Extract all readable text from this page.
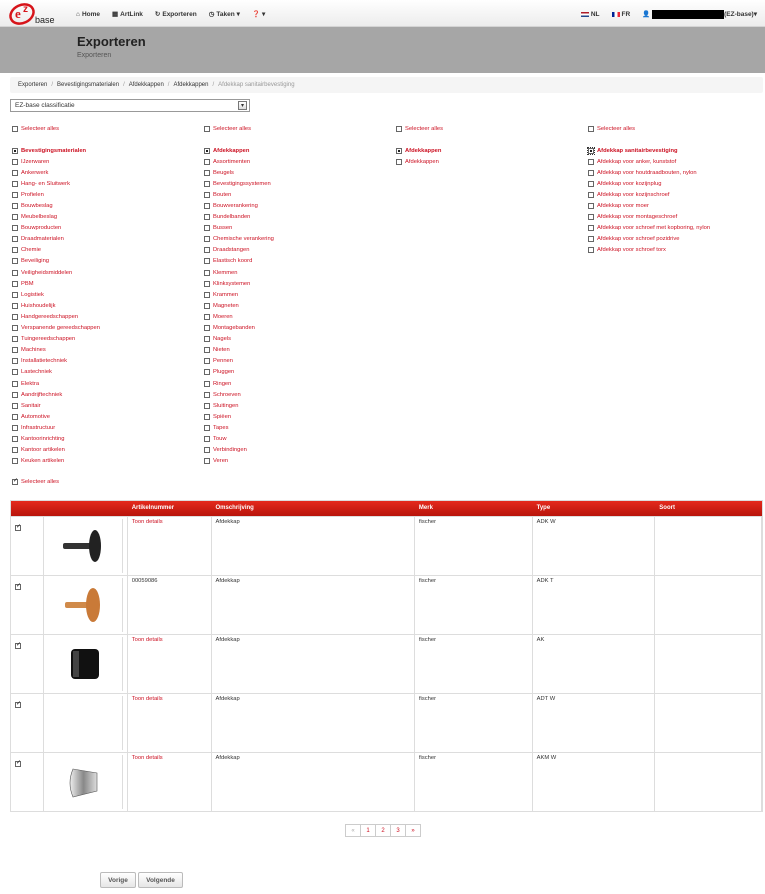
e z
base
⌂ Home ▦ ArtLink ↻ Exporteren ◷ Taken ▾ ❓ ▾	NL	FR 👤	(EZ-base)▾
Exporteren
Exporteren
Exporteren / Bevestigingsmaterialen / Afdekkappen / Afdekkappen / Afdekkap sanitairbevestiging
EZ-base classificatie	▾
Selecteer alles	Selecteer alles	Selecteer alles	Selecteer alles
Bevestigingsmaterialen
IJzerwaren
Ankerwerk
Hang- en Sluitwerk
Profielen
Bouwbeslag
Meubelbeslag
Bouwproducten
Draadmaterialen
Chemie
Beveiliging
Veiligheidsmiddelen
PBM
Logistiek
Huishoudelijk
Handgereedschappen
Verspanende gereedschappen
Tuingereedschappen
Machines
Installatietechniek
Lastechniek
Elektra
Aandrijftechniek
Sanitair
Automotive
Infrastructuur
Kantoorinrichting
Kantoor artikelen
Keuken artikelen
Afdekkappen
Assortimenten
Beugels
Bevestigingssystemen
Bouten
Bouwverankering
Bundelbanden
Bussen
Chemische verankering
Draadstangen
Elastisch koord
Klemmen
Klinksystemen
Krammen
Magneten
Moeren
Montagebanden
Nagels
Nieten
Pennen
Pluggen
Ringen
Schroeven
Sluitingen
Spiëen
Tapes
Touw
Verbindingen
Veren
Afdekkappen
Afdekkappen
Afdekkap sanitairbevestiging
Afdekkap voor anker, kunststof
Afdekkap voor houtdraadbouten, nylon
Afdekkap voor kozijnplug
Afdekkap voor kozijnschroef
Afdekkap voor moer
Afdekkap voor montageschroef
Afdekkap voor schroef met kopboring, nylon
Afdekkap voor schroef pozidrive
Afdekkap voor schroef torx
✓
Selecteer alles
Artikelnummer	Omschrijving	Merk	Type	Soort
✓
Toon details	Afdekkap	fischer	ADK W
✓
00059086	Afdekkap	fischer	ADK T
✓
Toon details	Afdekkap	fischer	AK
✓
Toon details	Afdekkap	fischer	ADT W
✓
Toon details	Afdekkap	fischer	AKM W
«	1	2	3	»
Vorige	Volgende
